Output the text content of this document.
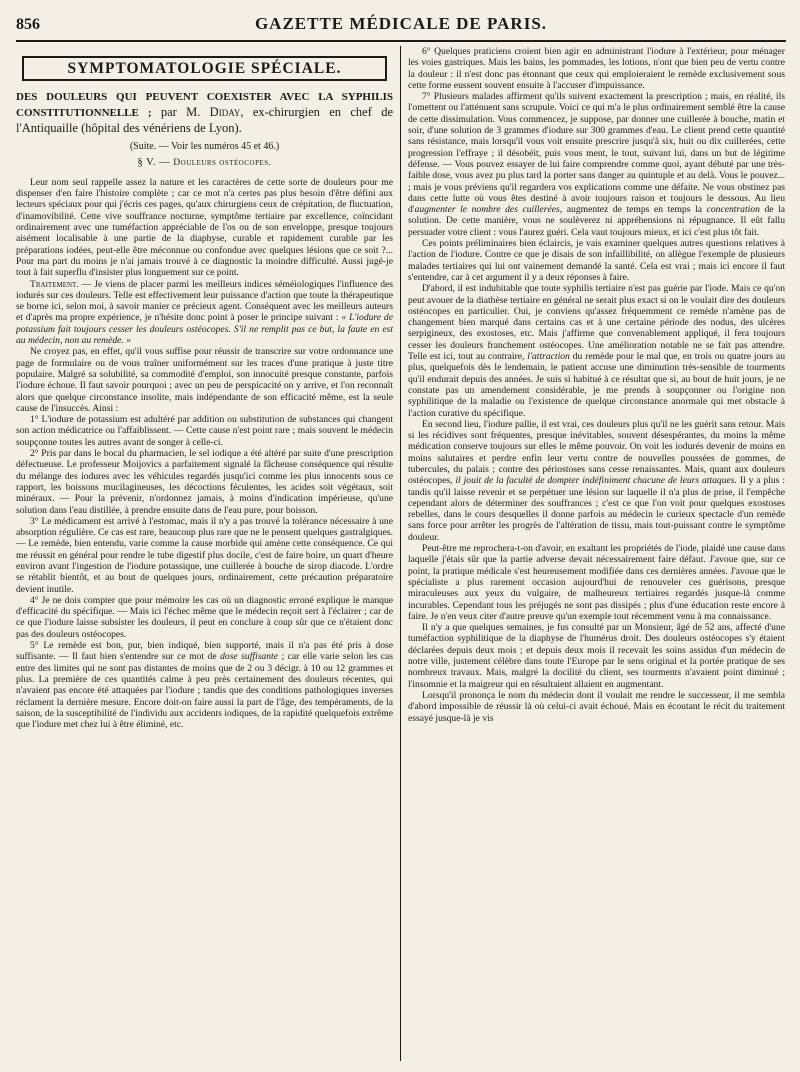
856	GAZETTE MÉDICALE DE PARIS.
SYMPTOMATOLOGIE SPÉCIALE.
DES DOULEURS QUI PEUVENT COEXISTER AVEC LA SYPHILIS CONSTITUTIONNELLE ; par M. Diday, ex-chirurgien en chef de l'Antiquaille (hôpital des vénériens de Lyon).
(Suite. — Voir les numéros 45 et 46.)
§ V. — Douleurs ostéocopes.

Leur nom seul rappelle assez la nature et les caractères de cette sorte de douleurs pour me dispenser d'en faire l'histoire complète ; car ce mot n'a certes pas plus besoin d'être défini aux lecteurs spéciaux pour qui j'écris ces pages, qu'aux chirurgiens ceux de crépitation, de fluctuation, d'inamovibilité. Cette vive souffrance nocturne, symptôme tertiaire par excellence, coïncidant ordinairement avec une tuméfaction appréciable de l'os ou de son enveloppe, presque toujours aisément localisable à une partie de la diaphyse, curable et rapidement curable par les préparations iodées, peut-elle être méconnue ou confondue avec quelques lésions que ce soit ?... Pour ma part du moins je n'ai jamais trouvé à ce diagnostic la moindre difficulté. Aussi jugé-je tout à fait superflu d'insister plus longuement sur ce point.

Traitement. — Je viens de placer parmi les meilleurs indices séméiologiques l'influence des iodurés sur ces douleurs. Telle est effectivement leur puissance d'action que toute la thérapeutique se borne ici, selon moi, à savoir manier ce précieux agent. Conséquent avec les meilleurs auteurs et d'après ma propre expérience, je n'hésite donc point à poser le principe suivant : « L'iodure de potassium fait toujours cesser les douleurs ostéocopes. S'il ne remplit pas ce but, la faute en est au médecin, non au remède. »

Ne croyez pas, en effet, qu'il vous suffise pour réussir de transcrire sur votre ordonnance une page de formulaire ou de vous traîner uniformément sur les traces d'une pratique à juste titre populaire. Malgré sa solubilité, sa commodité d'emploi, son innocuité presque constante, parfois l'iodure échoue. Il faut savoir pourquoi ; avec un peu de perspicacité on y arrive, et l'on reconnaît alors que quelque circonstance insolite, mais indépendante de son efficacité même, est la seule cause de l'insuccès. Ainsi :

1° L'iodure de potassium est adultéré par addition ou substitution de substances qui changent son action médicatrice ou l'affaiblissent. — Cette cause n'est point rare ; mais souvent le médecin soupçonne toutes les autres avant de songer à celle-ci.

2° Pris par dans le bocal du pharmacien, le sel iodique a été altéré par suite d'une prescription défectueuse. Le professeur Moijovics a parfaitement signalé la fâcheuse conséquence qui résulte du mélange des iodures avec les véhicules regardés jusqu'ici comme les plus innocents sous ce rapport, les boissons mucilagineuses, les décoctions féculentes, les acides soit végétaux, soit minéraux. — Pour la prévenir, n'ordonnez jamais, à moins d'indication impérieuse, qu'une solution dans l'eau distillée, à prendre ensuite dans de l'eau pure, pour boisson.

3° Le médicament est arrivé à l'estomac, mais il n'y a pas trouvé la tolérance nécessaire à une absorption régulière. Ce cas est rare, beaucoup plus rare que ne le pensent quelques gastralgiques. — Le remède, bien entendu, varie comme la cause morbide qui amène cette conséquence. Ce qui me réussit en général pour rendre le tube digestif plus docile, c'est de faire boire, un quart d'heure environ avant l'ingestion de l'iodure potassique, une cuillerée à bouche de sirop diacode. L'ordre se rétablit bientôt, et au bout de quelques jours, ordinairement, cette précaution préparatoire devient inutile.

4° Je ne dois compter que pour mémoire les cas où un diagnostic erroné explique le manque d'efficacité du spécifique. — Mais ici l'échec même que le médecin reçoit sert à l'éclairer ; car de ce que l'iodure laisse subsister les douleurs, il peut en conclure à coup sûr que ce n'étaient donc pas des douleurs ostéocopes.

5° Le remède est bon, pur, bien indiqué, bien supporté, mais il n'a pas été pris à dose suffisante. — Il faut bien s'entendre sur ce mot de dose suffisante ; car elle varie selon les cas entre des limites qui ne sont pas distantes de moins que de 2 ou 3 décigr. à 10 ou 12 grammes et plus. La première de ces quantités calme à peu près certainement des douleurs récentes, qui n'avaient pas encore été attaquées par l'iodure ; tandis que des conditions pathologiques inverses réclament la dernière mesure. Encore doit-on faire aussi la part de l'âge, des tempéraments, de la saison, de la susceptibilité de l'individu aux accidents iodiques, de la rapidité quelquefois extrême que l'iodure met chez lui à être éliminé, etc.

6° Quelques praticiens croient bien agir en administrant l'iodure à l'extérieur, pour ménager les voies gastriques. Mais les bains, les pommades, les lotions, n'ont que bien peu de vertu contre la douleur : il n'est donc pas étonnant que ceux qui emploieraient le remède exclusivement sous cette forme eussent souvent ensuite à l'accuser d'impuissance.

7° Plusieurs malades affirment qu'ils suivent exactement la prescription ; mais, en réalité, ils l'omettent ou l'atténuent sans scrupule. Voici ce qui m'a le plus ordinairement semblé être la cause de cette dissimulation. Vous commencez, je suppose, par donner une cuillerée à bouche, matin et soir, d'une solution de 3 grammes d'iodure sur 300 grammes d'eau. Le client prend cette quantité sans résistance, mais lorsqu'il vous voit ensuite prescrire jusqu'à six, huit ou dix cuillerées, cette progression l'effraye ; il désobéit, puis vous ment, le tout, suivant lui, dans un but de légitime défense. — Vous pouvez essayer de lui faire comprendre comme quoi, ayant débuté par une très-faible dose, vous avez pu plus tard la porter sans danger au quintuple et au delà. Vous le pouvez... ; mais je vous préviens qu'il regardera vos explications comme une défaite. Ne vous obstinez pas dans cette lutte où vous êtes destiné à avoir toujours raison et toujours le dessous. Au lieu d'augmenter le nombre des cuillerées, augmentez de temps en temps la concentration de la solution. De cette manière, vous ne soulèverez ni appréhensions ni répugnance. Il eût fallu persuader votre client : vous l'aurez guéri. Cela vaut toujours mieux, et ici c'est plus tôt fait.

Ces points préliminaires bien éclaircis, je vais examiner quelques autres questions relatives à l'action de l'iodure. Contre ce que je disais de son infaillibilité, on allègue l'exemple de plusieurs malades tertiaires qui lui ont vainement demandé la santé. Cela est vrai ; mais ici encore il faut s'entendre, car à cet argument il y a deux réponses à faire.

D'abord, il est indubitable que toute syphilis tertiaire n'est pas guérie par l'iode. Mais ce qu'on peut avouer de la diathèse tertiaire en général ne serait plus exact si on le voulait dire des douleurs ostéocopes en particulier. Oui, je conviens qu'assez fréquemment ce remède n'amène pas de changement bien marqué dans certains cas et à une certaine période des nodus, des ulcères serpigineux, des exostoses, etc. Mais j'affirme que convenablement appliqué, il fera toujours cesser les douleurs franchement ostéocopes. Une amélioration notable ne se fait pas attendre. Telle est ici, tout au contraire, l'attraction du remède pour le mal que, en trois ou quatre jours au plus, quelquefois dès le lendemain, le patient accuse une diminution très-sensible de tourments qu'il endurait depuis des années. Je suis si habitué à ce résultat que si, au bout de huit jours, je ne constate pas un amendement considérable, je me prends à soupçonner ou l'origine non syphilitique de la maladie ou l'existence de quelque circonstance anormale qui met obstacle à l'action curative du spécifique.

En second lieu, l'iodure pallie, il est vrai, ces douleurs plus qu'il ne les guérit sans retour. Mais si les récidives sont fréquentes, presque inévitables, souvent désespérantes, du moins la même médication conserve toujours sur elles le même pouvoir. On voit les iodurés devenir de moins en moins salutaires et perdre enfin leur vertu contre de nouvelles poussées de gommes, de tubercules, du palais ; contre des périostoses sans cesse renaissantes. Mais, quant aux douleurs ostéocopes, il jouit de la faculté de dompter indéfiniment chacune de leurs attaques. Il y a plus : tandis qu'il laisse revenir et se perpétuer une lésion sur laquelle il n'a plus de prise, il l'empêche cependant alors de déterminer des souffrances ; c'est ce que l'on voit pour quelques exostoses rebelles, dans le cours desquelles il donne parfois au médecin le curieux spectacle d'un remède sans force pour arrêter les progrès de l'altération de tissu, mais tout-puissant contre le symptôme douleur.

Peut-être me reprochera-t-on d'avoir, en exaltant les propriétés de l'iode, plaidé une cause dans laquelle j'étais sûr que la partie adverse devait nécessairement faire défaut. J'avoue que, sur ce point, la pratique médicale s'est heureusement modifiée dans ces dernières années. J'avoue que le spécialiste a plus rarement occasion aujourd'hui de renouveler ces guérisons, presque miraculeuses aux yeux du vulgaire, de malheureux tertiaires regardés jusque-là comme incurables. Cependant tous les préjugés ne sont pas dissipés ; plus d'une éducation reste encore à faire. Je n'en veux citer d'autre preuve qu'un exemple tout récemment venu à ma connaissance.

Il n'y a que quelques semaines, je fus consulté par un Monsieur, âgé de 52 ans, affecté d'une tuméfaction syphilitique de la diaphyse de l'humérus droit. Des douleurs ostéocopes s'y étaient déclarées depuis deux mois ; et depuis deux mois il recevait les soins assidus d'un médecin de notre ville, justement célèbre dans toute l'Europe par le sens original et la portée pratique de ses nombreux travaux. Mais, malgré la docilité du client, ses tourments n'avaient point diminué ; l'insomnie et la maigreur qui en résultaient allaient en augmentant.

Lorsqu'il prononça le nom du médecin dont il voulait me rendre le successeur, il me sembla d'abord impossible de réussir là où celui-ci avait échoué. Mais en écoutant le récit du traitement essayé jusque-là je vis
